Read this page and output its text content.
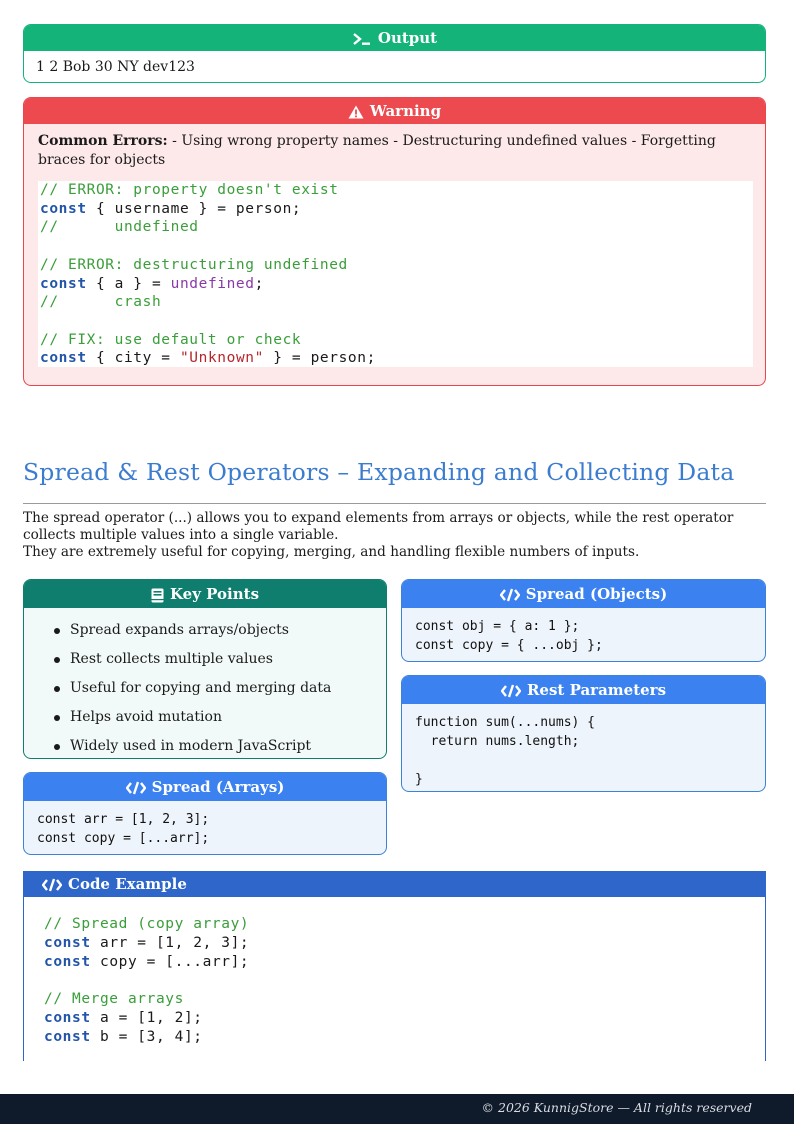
Output
1 2 Bob 30 NY dev123
Warning
Common Errors: - Using wrong property names - Destructuring undefined values - Forgetting braces for objects
// ERROR: property doesn't exist
const { username } = person;
//      undefined

// ERROR: destructuring undefined
const { a } = undefined;
//      crash

// FIX: use default or check
const { city = "Unknown" } = person;
Spread & Rest Operators – Expanding and Collecting Data

The spread operator (...) allows you to expand elements from arrays or objects, while the rest operator collects multiple values into a single variable.

They are extremely useful for copying, merging, and handling flexible numbers of inputs.

Key Points
Spread expands arrays/objects
Rest collects multiple values
Useful for copying and merging data
Helps avoid mutation
Widely used in modern JavaScript
Spread (Objects)
const obj = { a: 1 };
const copy = { ...obj };
Rest Parameters
function sum(...nums) {
return nums.length;

}
Spread (Arrays)
const arr = [1, 2, 3];
const copy = [...arr];
Code Example
// Spread (copy array)
const arr = [1, 2, 3];
const copy = [...arr];

// Merge arrays
const a = [1, 2];
const b = [3, 4];
© 2026 KunnigStore — All rights reserved
